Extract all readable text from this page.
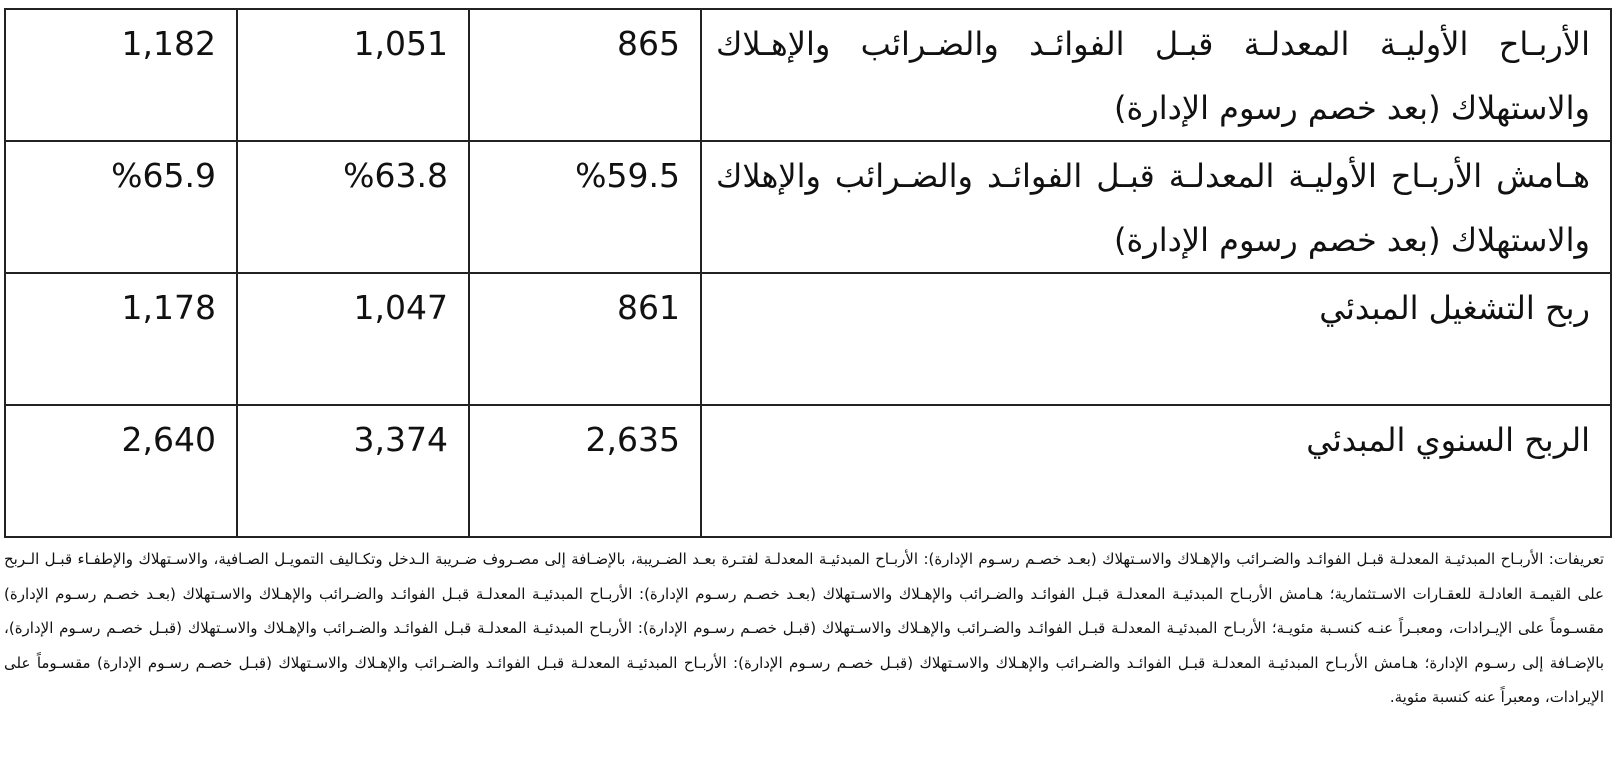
1,182	1,051	865	الأربـاح الأوليـة المعدلـة قبـل الفوائـد والضـرائب والإهـلاك والاستهلاك (بعد خصم رسوم الإدارة)

%65.9	%63.8	%59.5	هـامش الأربـاح الأوليـة المعدلـة قبـل الفوائـد والضـرائب والإهلاك والاستهلاك (بعد خصم رسوم الإدارة)

1,178	1,047	861	ربح التشغيل المبدئي

2,640	3,374	2,635	الربح السنوي المبدئي
تعريفات: الأربـاح المبدئيـة المعدلـة قبـل الفوائـد والضـرائب والإهـلاك والاسـتهلاك (بعـد خصـم رسـوم الإدارة): الأربـاح المبدئيـة المعدلـة لفتـرة بعـد الضـريبة، بالإضـافة إلى مصـروف ضـريبة الـدخل وتكـاليف التمويـل الصـافية، والاسـتهلاك والإطفـاء قبـل الـربح على القيمـة العادلـة للعقـارات الاسـتثمارية؛ هـامش الأربـاح المبدئيـة المعدلـة قبـل الفوائـد والضـرائب والإهـلاك والاسـتهلاك (بعـد خصـم رسـوم الإدارة): الأربـاح المبدئيـة المعدلـة قبـل الفوائـد والضـرائب والإهـلاك والاسـتهلاك (بعـد خصـم رسـوم الإدارة) مقسـوماً على الإيـرادات، ومعبـراً عنـه كنسـبة مئويـة؛ الأربـاح المبدئيـة المعدلـة قبـل الفوائـد والضـرائب والإهـلاك والاسـتهلاك (قبـل خصـم رسـوم الإدارة): الأربـاح المبدئيـة المعدلـة قبـل الفوائـد والضـرائب والإهـلاك والاسـتهلاك (قبـل خصـم رسـوم الإدارة)، بالإضـافة إلى رسـوم الإدارة؛ هـامش الأربـاح المبدئيـة المعدلـة قبـل الفوائـد والضـرائب والإهـلاك والاسـتهلاك (قبـل خصـم رسـوم الإدارة): الأربـاح المبدئيـة المعدلـة قبـل الفوائـد والضـرائب والإهـلاك والاسـتهلاك (قبـل خصـم رسـوم الإدارة) مقسـوماً على الإيرادات، ومعبراً عنه كنسبة مئوية.
